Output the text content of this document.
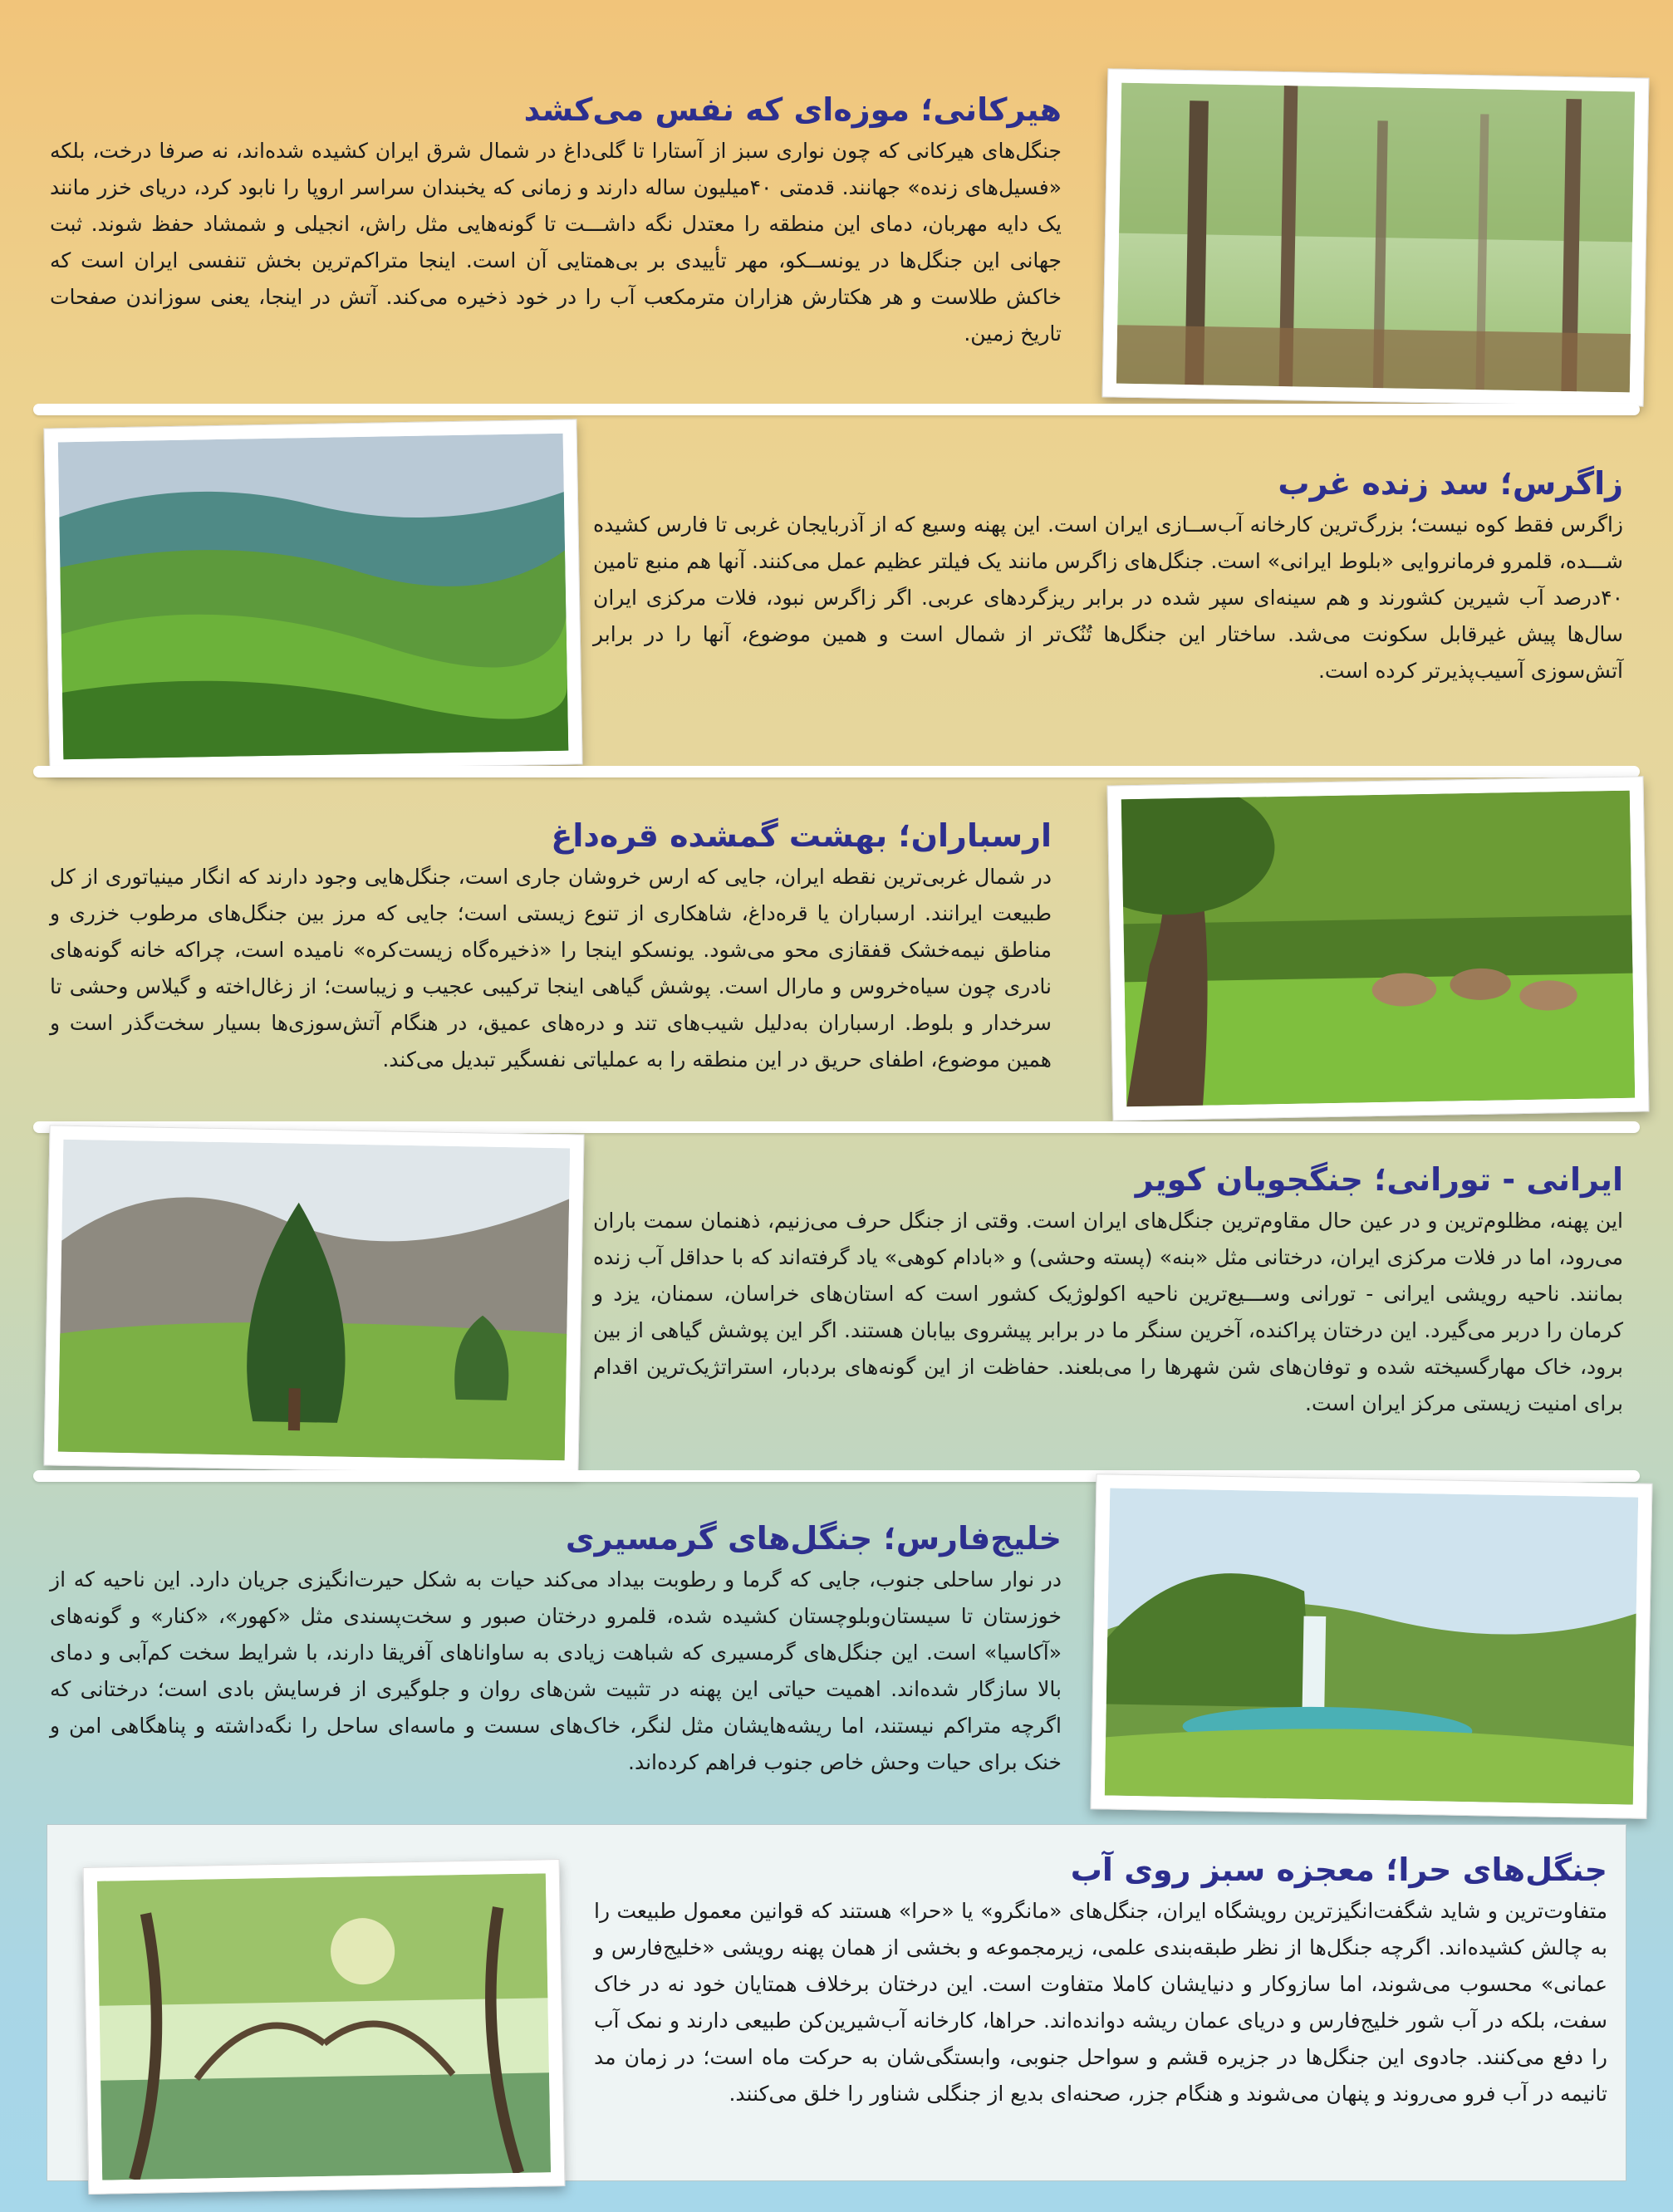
هیرکانی؛ موزه‌ای که نفس می‌کشد
جنگل‌های هیرکانی که چون نواری سبز از آستارا تا گلی‌داغ در شمال شرق ایران کشیده شده‌اند، نه صرفا درخت، بلکه «فسیل‌های زنده» جهانند. قدمتی ۴۰میلیون ساله دارند و زمانی که یخبندان سراسر اروپا را نابود کرد، دریای خزر مانند یک دایه مهربان، دمای این منطقه را معتدل نگه داشـــت تا گونه‌هایی مثل راش، انجیلی و شمشاد حفظ شوند. ثبت جهانی این جنگل‌ها در یونســکو، مهر تأییدی بر بی‌همتایی آن است. اینجا متراکم‌ترین بخش تنفسی ایران است که خاکش طلاست و هر هکتارش هزاران مترمکعب آب را در خود ذخیره می‌کند. آتش در اینجا، یعنی سوزاندن صفحات تاریخ زمین.
زاگرس؛ سد زنده غرب
زاگرس فقط کوه نیست؛ بزرگ‌ترین کارخانه آب‌ســازی ایران است. این پهنه وسیع که از آذربایجان غربی تا فارس کشیده شـــده، قلمرو فرمانروایی «بلوط ایرانی» است. جنگل‌های زاگرس مانند یک فیلتر عظیم عمل می‌کنند. آنها هم منبع تامین ۴۰درصد آب شیرین کشورند و هم سینه‌ای سپر شده در برابر ریزگردهای عربی. اگر زاگرس نبود، فلات مرکزی ایران سال‌ها پیش غیرقابل سکونت می‌شد. ساختار این جنگل‌ها تُنُک‌تر از شمال است و همین موضوع، آنها را در برابر آتش‌سوزی آسیب‌پذیرتر کرده است.
ارسباران؛ بهشت گمشده قره‌داغ
در شمال غربی‌ترین نقطه ایران، جایی که ارس خروشان جاری است، جنگل‌هایی وجود دارند که انگار مینیاتوری از کل طبیعت ایرانند. ارسباران یا قره‌داغ، شاهکاری از تنوع زیستی است؛ جایی که مرز بین جنگل‌های مرطوب خزری و مناطق نیمه‌خشک قفقازی محو می‌شود. یونسکو اینجا را «ذخیره‌گاه زیست‌کره» نامیده است، چراکه خانه گونه‌های نادری چون سیاه‌خروس و مارال است. پوشش گیاهی اینجا ترکیبی عجیب و زیباست؛ از زغال‌اخته و گیلاس وحشی تا سرخدار و بلوط. ارسباران به‌دلیل شیب‌های تند و دره‌های عمیق، در هنگام آتش‌سوزی‌ها بسیار سخت‌گذر است و همین موضوع، اطفای حریق در این منطقه را به عملیاتی نفسگیر تبدیل می‌کند.
ایرانی - تورانی؛ جنگجویان کویر
این پهنه، مظلوم‌ترین و در عین حال مقاوم‌ترین جنگل‌های ایران است. وقتی از جنگل حرف می‌زنیم، ذهنمان سمت باران می‌رود، اما در فلات مرکزی ایران، درختانی مثل «بنه» (پسته وحشی) و «بادام کوهی» یاد گرفته‌اند که با حداقل آب زنده بمانند. ناحیه رویشی ایرانی - تورانی وســـیع‌ترین ناحیه اکولوژیک کشور است که استان‌های خراسان، سمنان، یزد و کرمان را دربر می‌گیرد. این درختان پراکنده، آخرین سنگر ما در برابر پیشروی بیابان هستند. اگر این پوشش گیاهی از بین برود، خاک مهارگسیخته شده و توفان‌های شن شهرها را می‌بلعند. حفاظت از این گونه‌های بردبار، استراتژیک‌ترین اقدام برای امنیت زیستی مرکز ایران است.
خلیج‌فارس؛ جنگل‌های گرمسیری
در نوار ساحلی جنوب، جایی که گرما و رطوبت بیداد می‌کند حیات به شکل حیرت‌انگیزی جریان دارد. این ناحیه که از خوزستان تا سیستان‌وبلوچستان کشیده شده، قلمرو درختان صبور و سخت‌پسندی مثل «کهور»، «کنار» و گونه‌های «آکاسیا» است. این جنگل‌های گرمسیری که شباهت زیادی به ساواناهای آفریقا دارند، با شرایط سخت کم‌آبی و دمای بالا سازگار شده‌اند. اهمیت حیاتی این پهنه در تثبیت شن‌های روان و جلوگیری از فرسایش بادی است؛ درختانی که اگرچه متراکم نیستند، اما ریشه‌هایشان مثل لنگر، خاک‌های سست و ماسه‌ای ساحل را نگه‌داشته و پناهگاهی امن و خنک برای حیات وحش خاص جنوب فراهم کرده‌اند.
جنگل‌های حرا؛ معجزه سبز روی آب
متفاوت‌ترین و شاید شگفت‌انگیزترین رویشگاه ایران، جنگل‌های «مانگرو» یا «حرا» هستند که قوانین معمول طبیعت را به چالش کشیده‌اند. اگرچه جنگل‌ها از نظر طبقه‌بندی علمی، زیرمجموعه و بخشی از همان پهنه رویشی «خلیج‌فارس و عمانی» محسوب می‌شوند، اما سازوکار و دنیایشان کاملا متفاوت است. این درختان برخلاف همتایان خود نه در خاک سفت، بلکه در آب شور خلیج‌فارس و دریای عمان ریشه دوانده‌اند. حراها، کارخانه آب‌شیرین‌کن طبیعی دارند و نمک آب را دفع می‌کنند. جادوی این جنگل‌ها در جزیره قشم و سواحل جنوبی، وابستگی‌شان به حرکت ماه است؛ در زمان مد تانیمه در آب فرو می‌روند و پنهان می‌شوند و هنگام جزر، صحنه‌ای بدیع از جنگلی شناور را خلق می‌کنند.
